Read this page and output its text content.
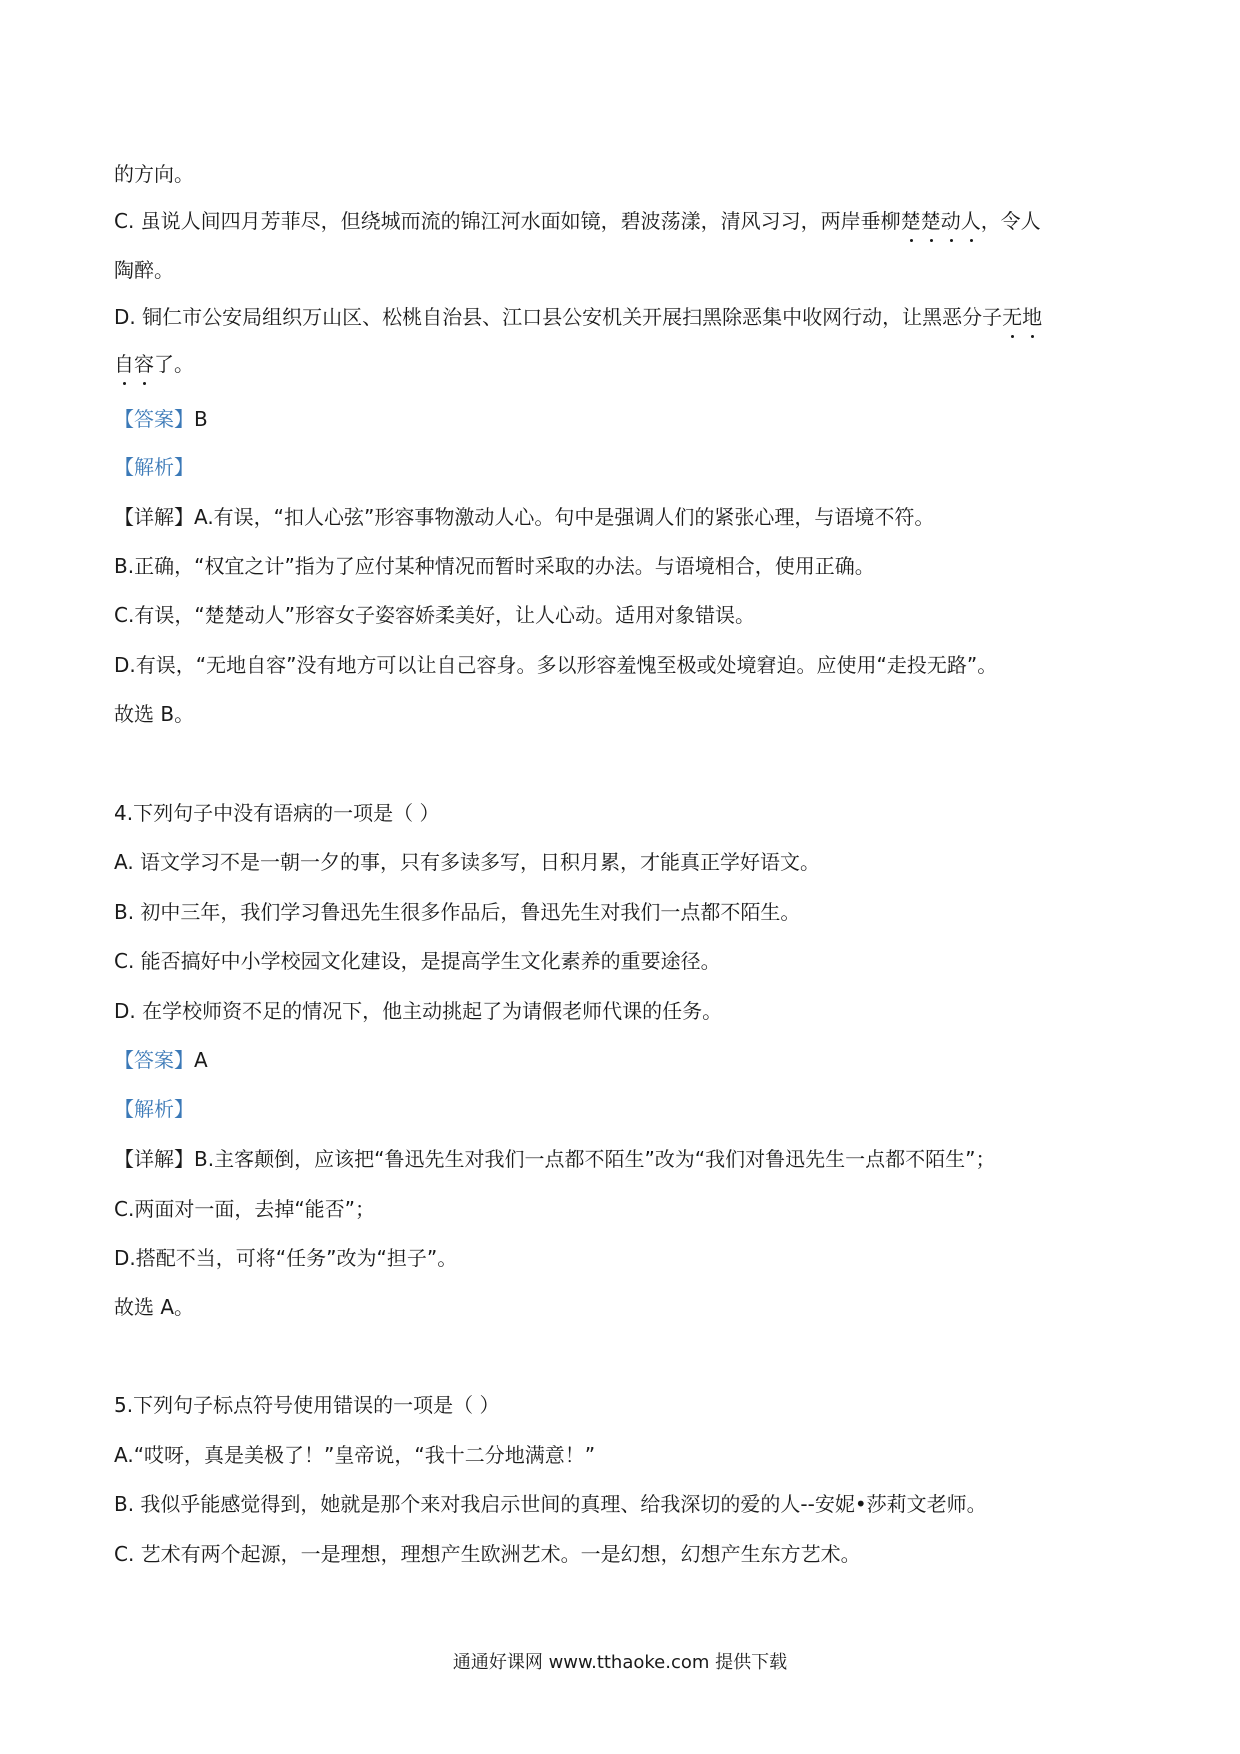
的方向。
C. 虽说人间四月芳菲尽，但绕城而流的锦江河水面如镜，碧波荡漾，清风习习，两岸垂柳楚楚动人，令人
陶醉。
D. 铜仁市公安局组织万山区、松桃自治县、江口县公安机关开展扫黑除恶集中收网行动，让黑恶分子无地
自容了。
【答案】B
【解析】
【详解】A.有误，“扣人心弦”形容事物激动人心。句中是强调人们的紧张心理，与语境不符。
B.正确，“权宜之计”指为了应付某种情况而暂时采取的办法。与语境相合，使用正确。
C.有误，“楚楚动人”形容女子姿容娇柔美好，让人心动。适用对象错误。
D.有误，“无地自容”没有地方可以让自己容身。多以形容羞愧至极或处境窘迫。应使用“走投无路”。
故选 B。
4.下列句子中没有语病的一项是（ ）
A. 语文学习不是一朝一夕的事，只有多读多写，日积月累，才能真正学好语文。
B. 初中三年，我们学习鲁迅先生很多作品后，鲁迅先生对我们一点都不陌生。
C. 能否搞好中小学校园文化建设，是提高学生文化素养的重要途径。
D. 在学校师资不足的情况下，他主动挑起了为请假老师代课的任务。
【答案】A
【解析】
【详解】B.主客颠倒，应该把“鲁迅先生对我们一点都不陌生”改为“我们对鲁迅先生一点都不陌生”；
C.两面对一面，去掉“能否”；
D.搭配不当，可将“任务”改为“担子”。
故选 A。
5.下列句子标点符号使用错误的一项是（ ）
A.“哎呀，真是美极了！”皇帝说，“我十二分地满意！”
B. 我似乎能感觉得到，她就是那个来对我启示世间的真理、给我深切的爱的人--安妮•莎莉文老师。
C. 艺术有两个起源，一是理想，理想产生欧洲艺术。一是幻想，幻想产生东方艺术。
通通好课网 www.tthaoke.com 提供下载
